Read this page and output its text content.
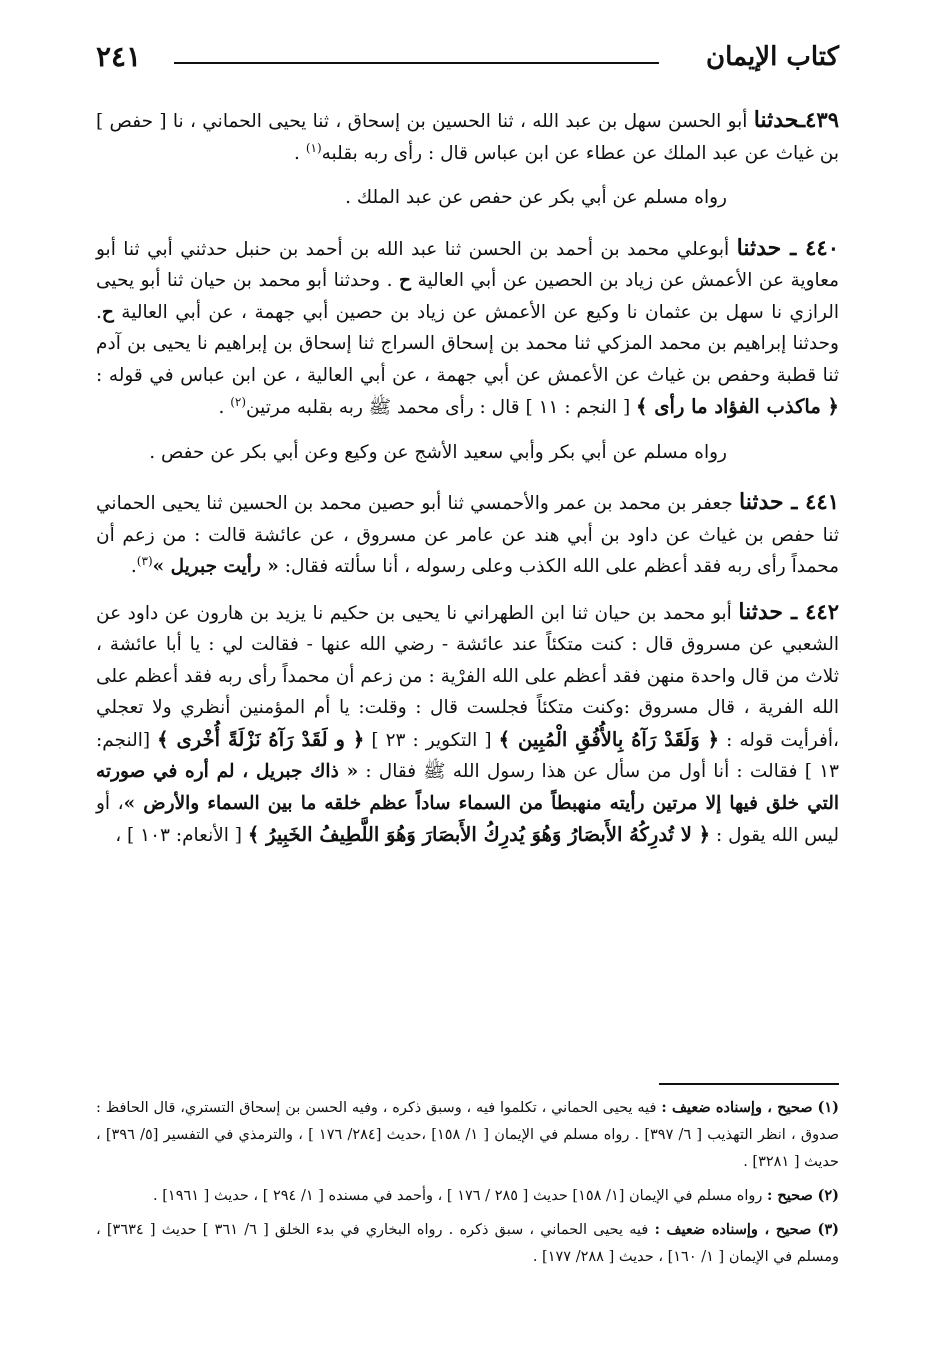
كتاب الإيمان
٢٤١

٤٣٩ـحدثنا أبو الحسن سهل بن عبد الله ، ثنا الحسين بن إسحاق ، ثنا يحيى الحماني ، نا [ حفص ] بن غياث عن عبد الملك عن عطاء عن ابن عباس قال : رأى ربه بقلبه$^{(١)}$ .

رواه مسلم عن أبي بكر عن حفص عن عبد الملك .

٤٤٠ ـ حدثنا أبوعلي محمد بن أحمد بن الحسن ثنا عبد الله بن أحمد بن حنبل حدثني أبي ثنا أبو معاوية عن الأعمش عن زياد بن الحصين عن أبي العالية ح . وحدثنا أبو محمد بن حيان ثنا أبو يحيى الرازي نا سهل بن عثمان نا وكيع عن الأعمش عن زياد بن حصين أبي جهمة ، عن أبي العالية ح. وحدثنا إبراهيم بن محمد المزكي ثنا محمد بن إسحاق السراج ثنا إسحاق بن إبراهيم نا يحيى بن آدم ثنا قطبة وحفص بن غياث عن الأعمش عن أبي جهمة ، عن أبي العالية ، عن ابن عباس في قوله : ﴿ ماكذب الفؤاد ما رأى ﴾ [ النجم : ١١ ] قال : رأى محمد ﷺ ربه بقلبه مرتين$^{(٢)}$ .

رواه مسلم عن أبي بكر وأبي سعيد الأشج عن وكيع وعن أبي بكر عن حفص .

٤٤١ ـ حدثنا جعفر بن محمد بن عمر والأحمسي ثنا أبو حصين محمد بن الحسين ثنا يحيى الحماني ثنا حفص بن غياث عن داود بن أبي هند عن عامر عن مسروق ، عن عائشة قالت : من زعم أن محمداً رأى ربه فقد أعظم على الله الكذب وعلى رسوله ، أنا سألته فقال: « رأيت جبريل »$^{(٣)}$.

٤٤٢ ـ حدثنا أبو محمد بن حيان ثنا ابن الطهراني نا يحيى بن حكيم نا يزيد بن هارون عن داود عن الشعبي عن مسروق قال : كنت متكئاً عند عائشة - رضي الله عنها - فقالت لي : يا أبا عائشة ، ثلاث من قال واحدة منهن فقد أعظم على الله الفرْية : من زعم أن محمداً رأى ربه فقد أعظم على الله الفرية ، قال مسروق :وكنت متكئاً فجلست قال : وقلت: يا أم المؤمنين أنظري ولا تعجلي ،أفرأيت قوله : ﴿ وَلَقَدْ رَآهُ بِالأُفُقِ الْمُبِين ﴾ [ التكوير : ٢٣ ] ﴿ و لَقَدْ رَآهُ نَزْلَةً أُخْرى ﴾ [النجم: ١٣ ] فقالت : أنا أول من سأل عن هذا رسول الله ﷺ فقال : « ذاك جبريل ، لم أره في صورته التي خلق فيها إلا مرتين رأيته منهبطاً من السماء ساداً عظم خلقه ما بين السماء والأرض »، أو ليس الله يقول : ﴿ لا تُدرِكُهُ الأَبصَارُ وَهُوَ يُدرِكُ الأَبصَارَ وَهُوَ اللَّطِيفُ الخَبِيرُ ﴾ [ الأنعام: ١٠٣ ] ،

(١) صحيح ، وإسناده ضعيف : فيه يحيى الحماني ، تكلموا فيه ، وسبق ذكره ، وفيه الحسن بن إسحاق التستري، قال الحافظ : صدوق ، انظر التهذيب [ ٦/ ٣٩٧] . رواه مسلم في الإيمان [ ١/ ١٥٨] ،حديث [٢٨٤/ ١٧٦ ] ، والترمذي في التفسير [٥/ ٣٩٦] ، حديث [ ٣٢٨١] .

(٢) صحيح : رواه مسلم في الإيمان [١/ ١٥٨] حديث [ ٢٨٥ / ١٧٦ ] ، وأحمد في مسنده [ ١/ ٢٩٤ ] ، حديث [ ١٩٦١] .

(٣) صحيح ، وإسناده ضعيف : فيه يحيى الحماني ، سبق ذكره . رواه البخاري في بدء الخلق [ ٦/ ٣٦١ ] حديث [ ٣٦٣٤] ، ومسلم في الإيمان [ ١/ ١٦٠] ، حديث [ ٢٨٨/ ١٧٧] .
